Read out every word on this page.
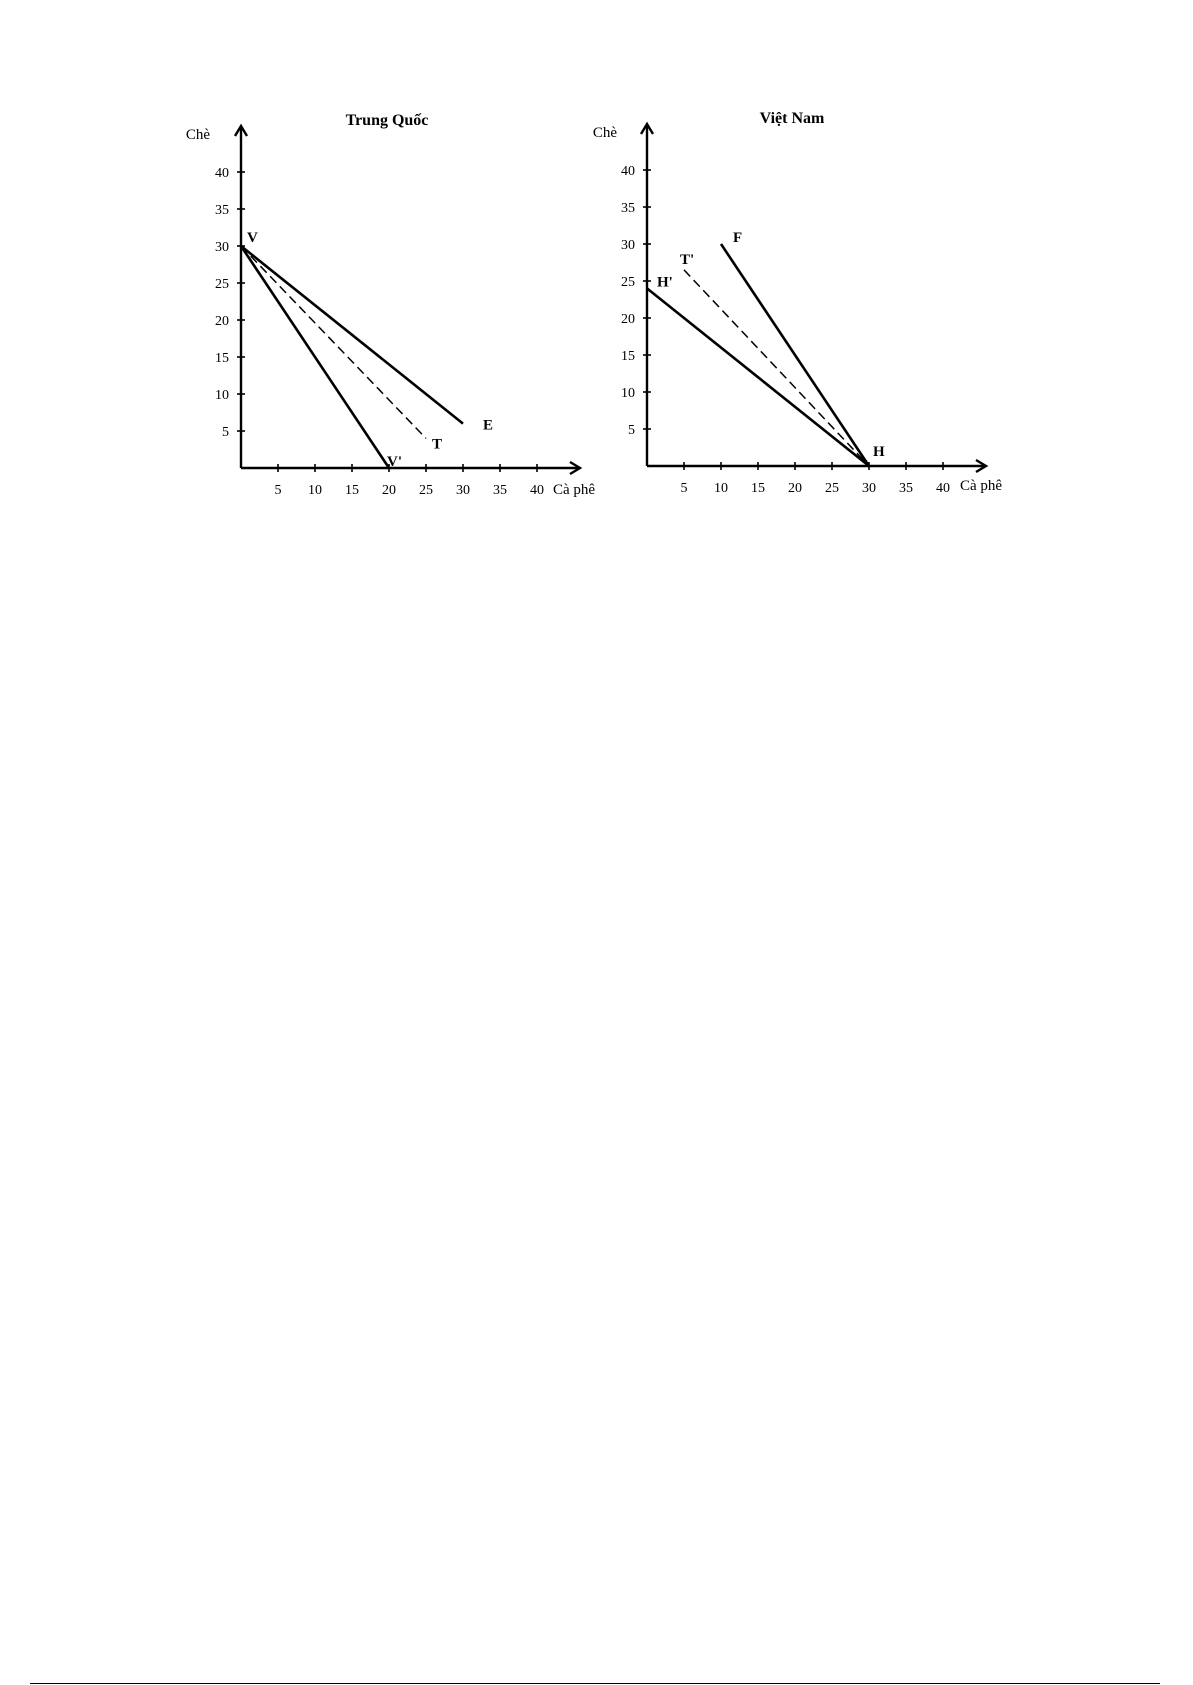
Trung Quốc
Chè
Cà phê
5 10 15 20 25 30 35 40
5
10
15
20
25
30
35
40
V
E
T
V'
Việt Nam
Chè
Cà phê
5 10 15 20 25 30 35 40
5
10
15
20
25
30
35
40
F
T'
H'
H
